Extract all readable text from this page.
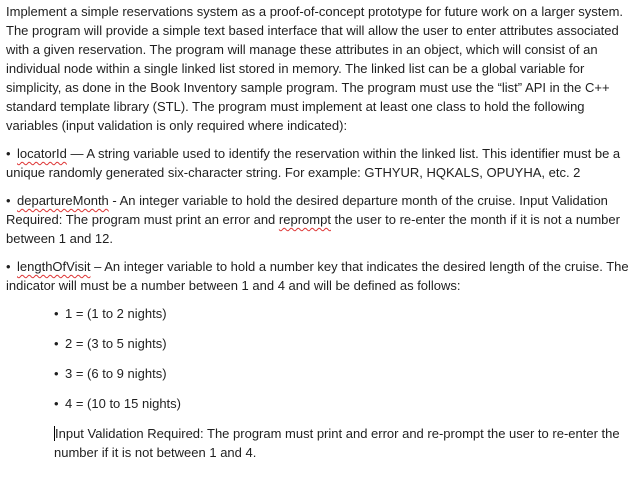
Implement a simple reservations system as a proof-of-concept prototype for future work on a larger system. The program will provide a simple text based interface that will allow the user to enter attributes associated with a given reservation. The program will manage these attributes in an object, which will consist of an individual node within a single linked list stored in memory. The linked list can be a global variable for simplicity, as done in the Book Inventory sample program. The program must use the “list” API in the C++ standard template library (STL). The program must implement at least one class to hold the following variables (input validation is only required where indicated):

• locatorId — A string variable used to identify the reservation within the linked list. This identifier must be a unique randomly generated six-character string. For example: GTHYUR, HQKALS, OPUYHA, etc. 2

• departureMonth - An integer variable to hold the desired departure month of the cruise. Input Validation Required: The program must print an error and reprompt the user to re-enter the month if it is not a number between 1 and 12.

• lengthOfVisit – An integer variable to hold a number key that indicates the desired length of the cruise. The indicator will must be a number between 1 and 4 and will be defined as follows:

• 1 = (1 to 2 nights)
• 2 = (3 to 5 nights)
• 3 = (6 to 9 nights)
• 4 = (10 to 15 nights)

Input Validation Required: The program must print and error and re-prompt the user to re-enter the number if it is not between 1 and 4.
